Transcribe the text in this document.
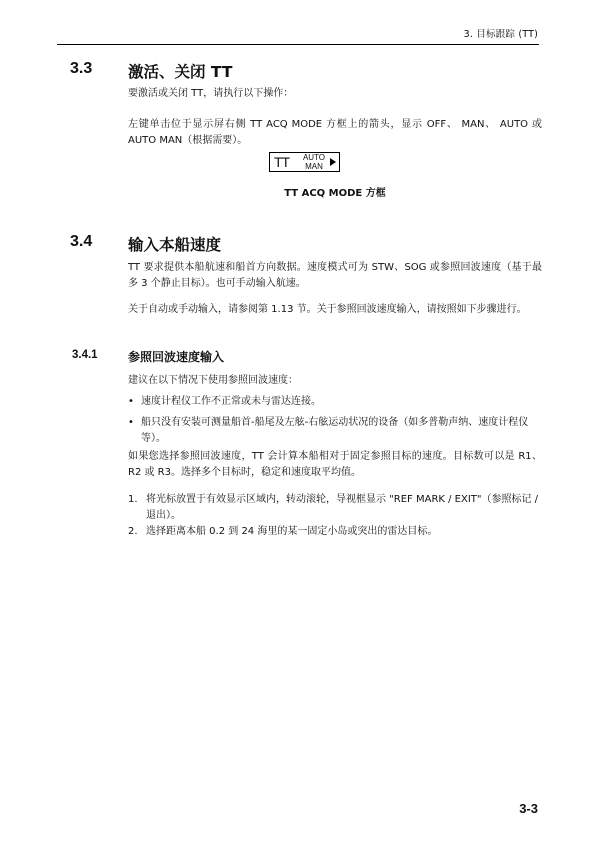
3. 目标跟踪 (TT)
3.3 激活、关闭 TT
要激活或关闭 TT，请执行以下操作：
左键单击位于显示屏右侧 TT ACQ MODE 方框上的箭头，显示 OFF、 MAN、 AUTO 或 AUTO MAN（根据需要）。
TT	AUTO
MAN
TT ACQ MODE 方框
3.4 输入本船速度
TT 要求提供本船航速和船首方向数据。速度模式可为 STW、SOG 或参照回波速度（基于最多 3 个静止目标）。也可手动输入航速。
关于自动或手动输入，请参阅第 1.13 节。关于参照回波速度输入，请按照如下步骤进行。
3.4.1	参照回波速度输入
建议在以下情况下使用参照回波速度：
• 速度计程仪工作不正常或未与雷达连接。
• 船只没有安装可测量船首-船尾及左舷-右舷运动状况的设备（如多普勒声纳、速度计程仪等）。
如果您选择参照回波速度，TT 会计算本船相对于固定参照目标的速度。目标数可以是 R1、R2 或 R3。选择多个目标时，稳定和速度取平均值。
1. 将光标放置于有效显示区域内，转动滚轮，导视框显示 "REF MARK / EXIT"（参照标记 / 退出）。
2. 选择距离本船 0.2 到 24 海里的某一固定小岛或突出的雷达目标。
3-3
